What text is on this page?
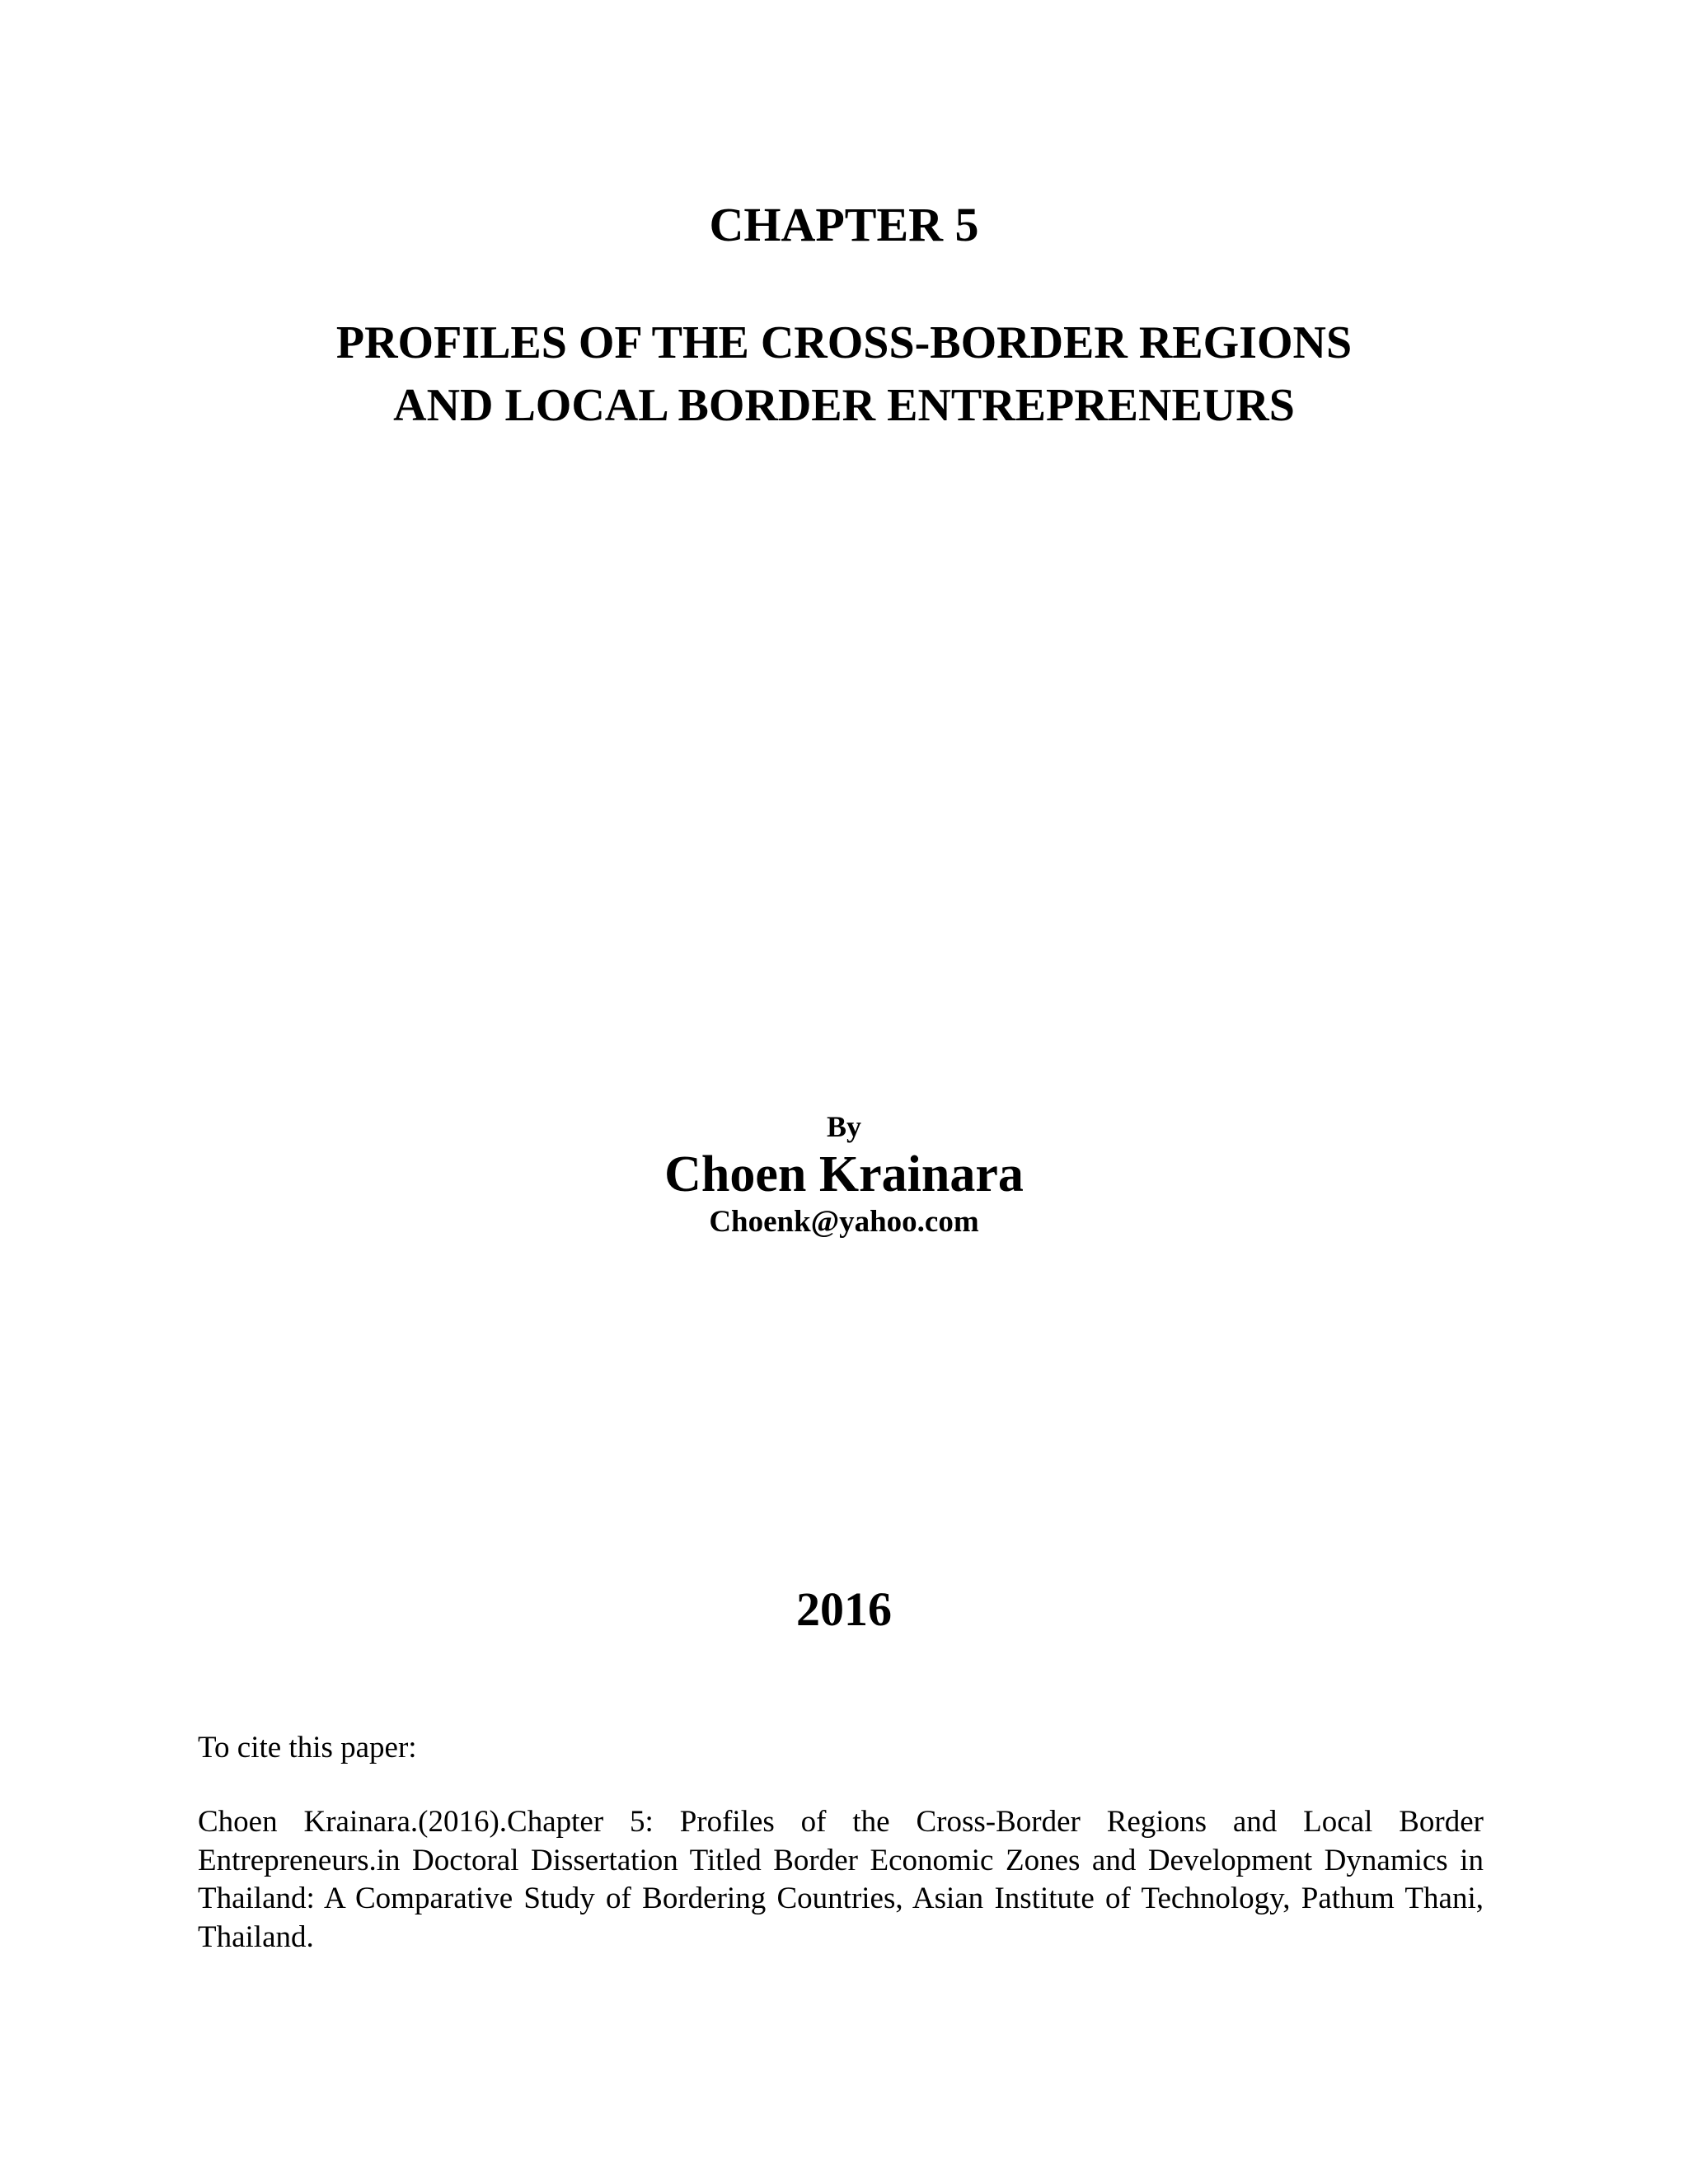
CHAPTER 5
PROFILES OF THE CROSS-BORDER REGIONS
AND LOCAL BORDER ENTREPRENEURS
By
Choen Krainara
Choenk@yahoo.com
2016
To cite this paper:
Choen Krainara.(2016).Chapter 5: Profiles of the Cross-Border Regions and Local Border Entrepreneurs.in Doctoral Dissertation Titled Border Economic Zones and Development Dynamics in Thailand: A Comparative Study of Bordering Countries, Asian Institute of Technology, Pathum Thani, Thailand.
